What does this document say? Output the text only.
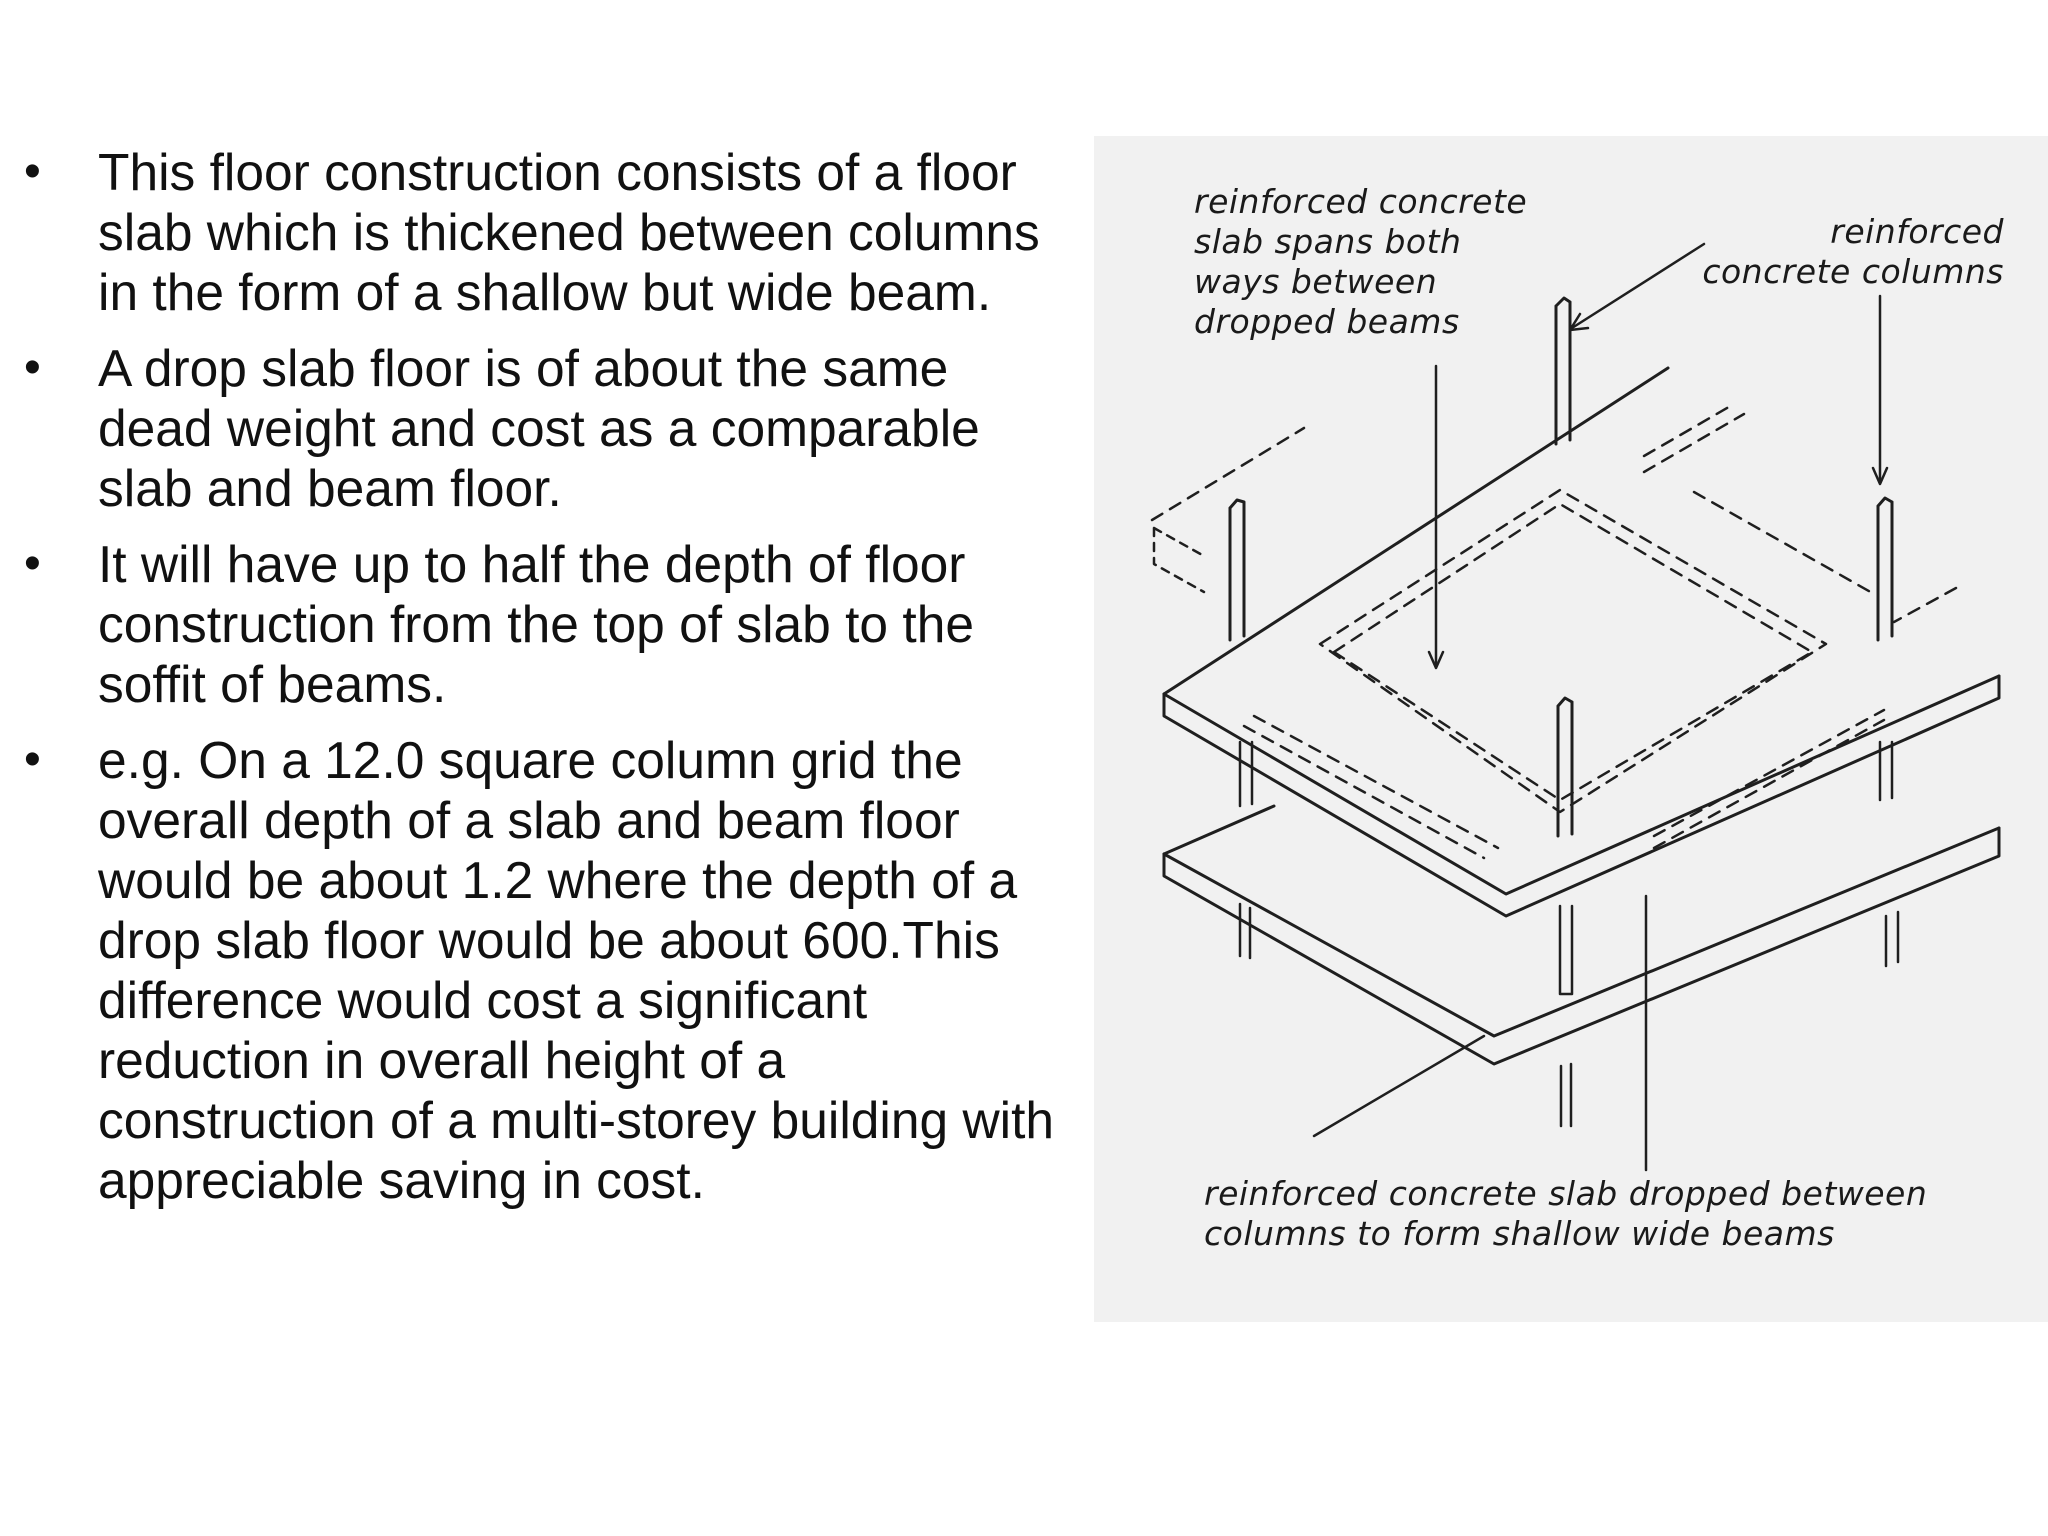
• This floor construction consists of a floor slab which is thickened between columns in the form of a shallow but wide beam.
• A drop slab floor is of about the same dead weight and cost as a comparable slab and beam floor.
• It will have up to half the depth of floor construction from the top of slab to the soffit of beams.
• e.g. On a 12.0 square column grid the overall depth of a slab and beam floor would be about 1.2 where the depth of a drop slab floor would be about 600.This difference would cost a significant reduction in overall height of a construction of a multi-storey building with appreciable saving in cost.

reinforced concrete slab spans both ways between dropped beams

reinforced concrete columns

reinforced concrete slab dropped between columns to form shallow wide beams
